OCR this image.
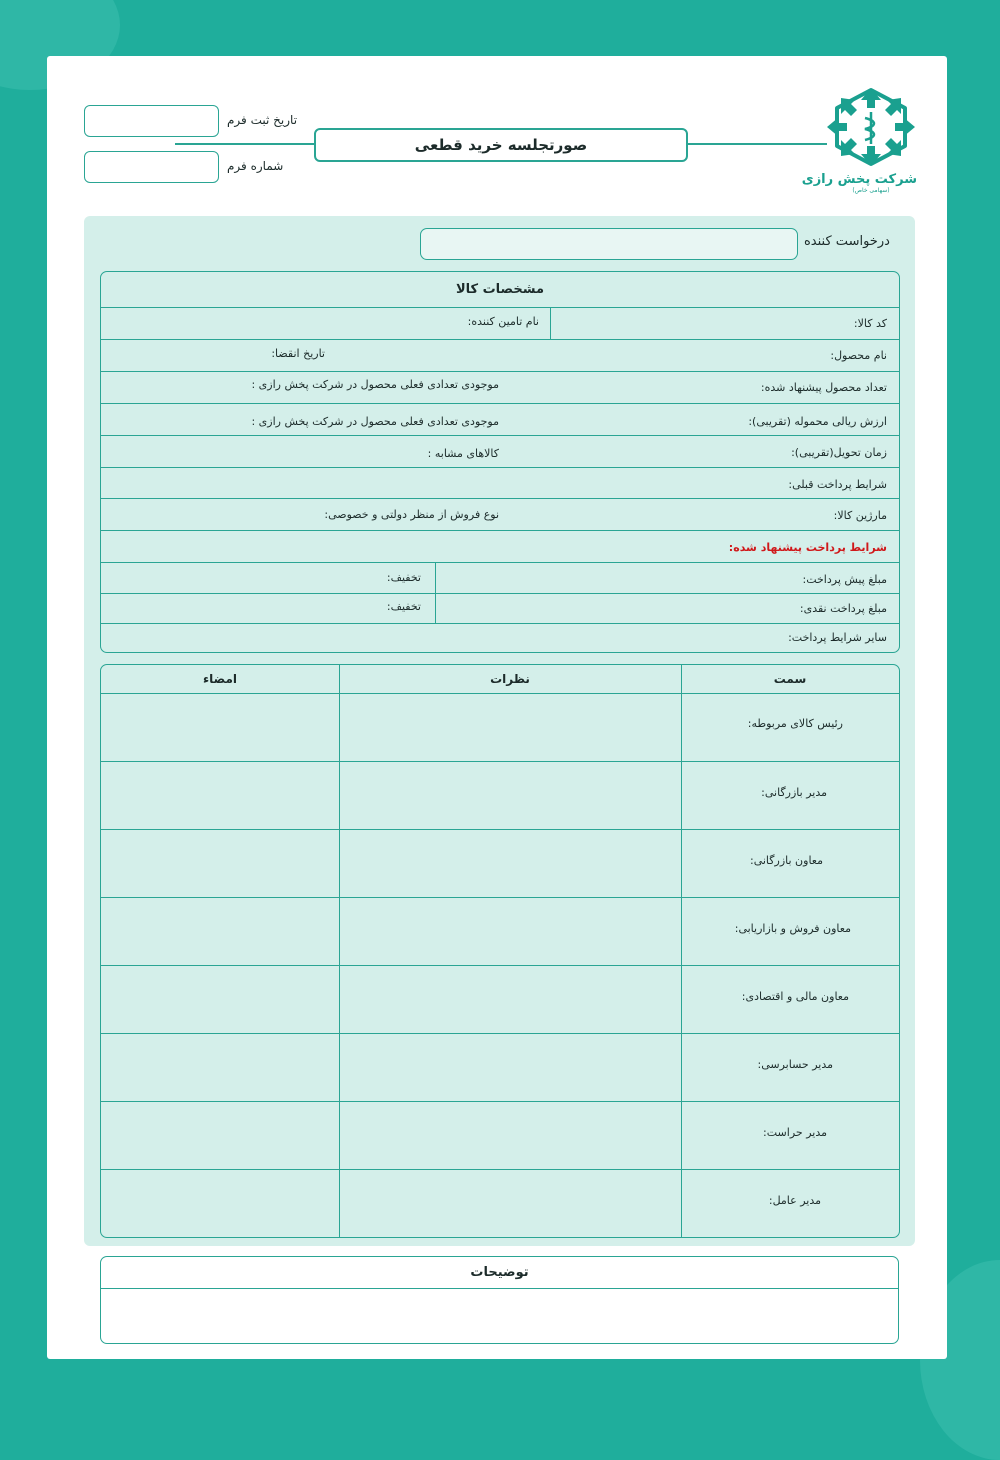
تاریخ ثبت فرم
شماره فرم
صورتجلسه خرید قطعی
شرکت پخش رازی
(سهامی خاص)
درخواست کننده
مشخصات کالا
کد کالا:
نام تامین کننده:
نام محصول:
تاریخ انقضا:
تعداد محصول پیشنهاد شده:
موجودی تعدادی فعلی محصول در شرکت پخش رازی :
ارزش ریالی محموله (تقریبی):
موجودی تعدادی فعلی محصول در شرکت پخش رازی :
زمان تحویل(تقریبی):
کالاهای مشابه :
شرایط پرداخت قبلی:
مارژین کالا:
نوع فروش از منظر دولتی و خصوصی:
شرایط پرداخت پیشنهاد شده:
مبلغ پیش پرداخت:
تخفیف:
مبلغ پرداخت نقدی:
تخفیف:
سایر شرایط پرداخت:
سمت
نظرات
امضاء
رئیس کالای مربوطه:
مدیر بازرگانی:
معاون بازرگانی:
معاون فروش و بازاریابی:
معاون مالی و اقتصادی:
مدیر حسابرسی:
مدیر حراست:
مدیر عامل:
توضیحات
